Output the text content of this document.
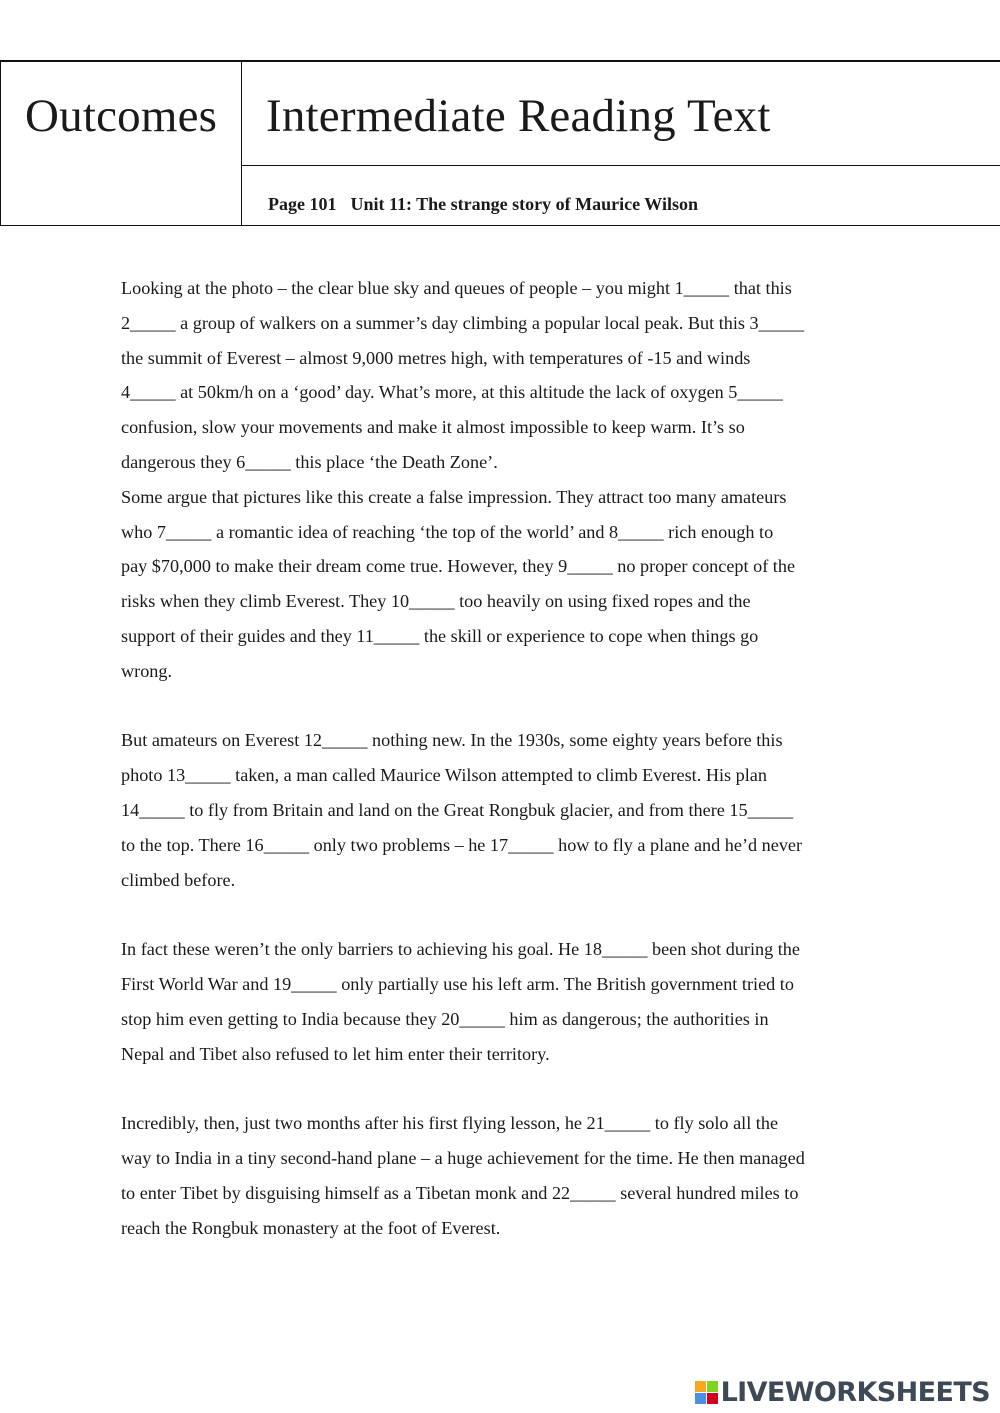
Outcomes Intermediate Reading Text
Page 101 Unit 11: The strange story of Maurice Wilson

Looking at the photo – the clear blue sky and queues of people – you might 1_____ that this

2_____ a group of walkers on a summer’s day climbing a popular local peak. But this 3_____

the summit of Everest – almost 9,000 metres high, with temperatures of -15 and winds

4_____ at 50km/h on a ‘good’ day. What’s more, at this altitude the lack of oxygen 5_____

confusion, slow your movements and make it almost impossible to keep warm. It’s so

dangerous they 6_____ this place ‘the Death Zone’.

Some argue that pictures like this create a false impression. They attract too many amateurs

who 7_____ a romantic idea of reaching ‘the top of the world’ and 8_____ rich enough to

pay $70,000 to make their dream come true. However, they 9_____ no proper concept of the

risks when they climb Everest. They 10_____ too heavily on using fixed ropes and the

support of their guides and they 11_____ the skill or experience to cope when things go

wrong.

But amateurs on Everest 12_____ nothing new. In the 1930s, some eighty years before this

photo 13_____ taken, a man called Maurice Wilson attempted to climb Everest. His plan

14_____ to fly from Britain and land on the Great Rongbuk glacier, and from there 15_____

to the top. There 16_____ only two problems – he 17_____ how to fly a plane and he’d never

climbed before.

In fact these weren’t the only barriers to achieving his goal. He 18_____ been shot during the

First World War and 19_____ only partially use his left arm. The British government tried to

stop him even getting to India because they 20_____ him as dangerous; the authorities in

Nepal and Tibet also refused to let him enter their territory.

Incredibly, then, just two months after his first flying lesson, he 21_____ to fly solo all the

way to India in a tiny second-hand plane – a huge achievement for the time. He then managed

to enter Tibet by disguising himself as a Tibetan monk and 22_____ several hundred miles to

reach the Rongbuk monastery at the foot of Everest.

LIVEWORKSHEETS
